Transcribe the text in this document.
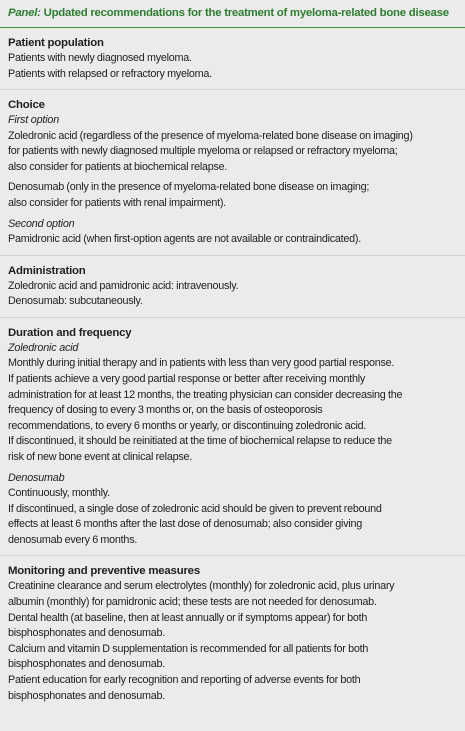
Panel: Updated recommendations for the treatment of myeloma-related bone disease
Patient population
Patients with newly diagnosed myeloma.
Patients with relapsed or refractory myeloma.
Choice
First option
Zoledronic acid (regardless of the presence of myeloma-related bone disease on imaging)
for patients with newly diagnosed multiple myeloma or relapsed or refractory myeloma;
also consider for patients at biochemical relapse.
Denosumab (only in the presence of myeloma-related bone disease on imaging;
also consider for patients with renal impairment).
Second option
Pamidronic acid (when first-option agents are not available or contraindicated).
Administration
Zoledronic acid and pamidronic acid: intravenously.
Denosumab: subcutaneously.
Duration and frequency
Zoledronic acid
Monthly during initial therapy and in patients with less than very good partial response.
If patients achieve a very good partial response or better after receiving monthly
administration for at least 12 months, the treating physician can consider decreasing the
frequency of dosing to every 3 months or, on the basis of osteoporosis
recommendations, to every 6 months or yearly, or discontinuing zoledronic acid.
If discontinued, it should be reinitiated at the time of biochemical relapse to reduce the
risk of new bone event at clinical relapse.
Denosumab
Continuously, monthly.
If discontinued, a single dose of zoledronic acid should be given to prevent rebound
effects at least 6 months after the last dose of denosumab; also consider giving
denosumab every 6 months.
Monitoring and preventive measures
Creatinine clearance and serum electrolytes (monthly) for zoledronic acid, plus urinary
albumin (monthly) for pamidronic acid; these tests are not needed for denosumab.
Dental health (at baseline, then at least annually or if symptoms appear) for both
bisphosphonates and denosumab.
Calcium and vitamin D supplementation is recommended for all patients for both
bisphosphonates and denosumab.
Patient education for early recognition and reporting of adverse events for both
bisphosphonates and denosumab.
